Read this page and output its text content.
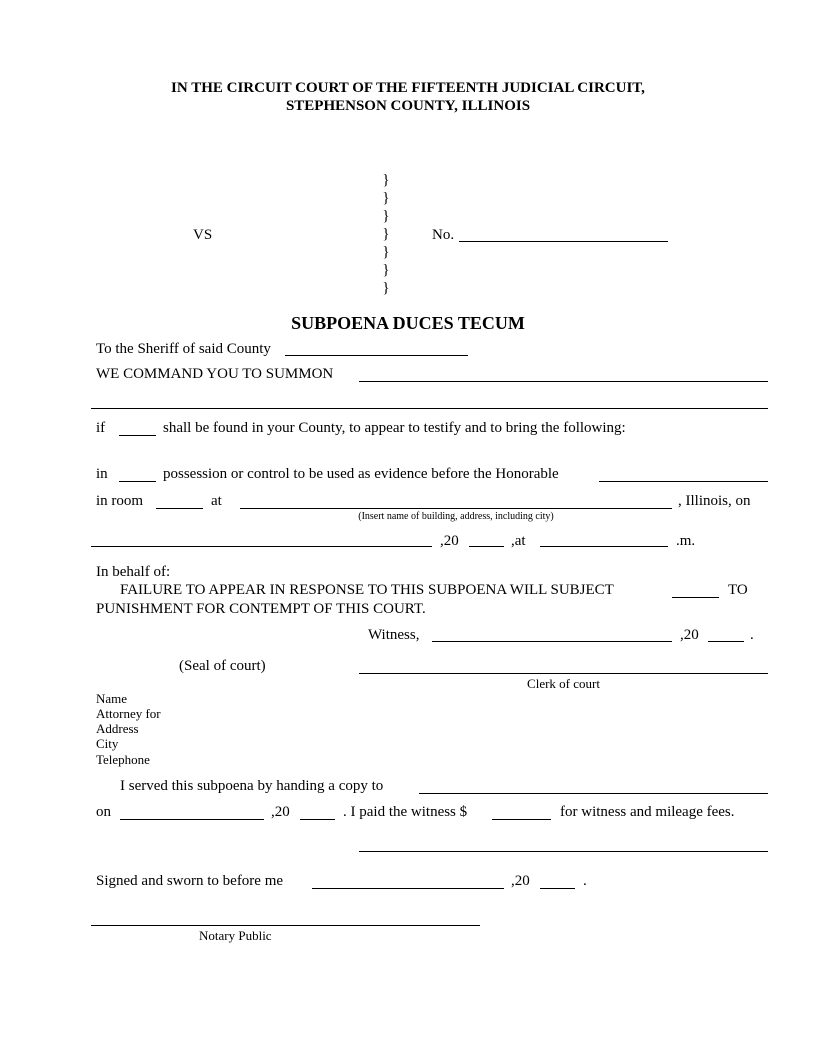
IN THE CIRCUIT COURT OF THE FIFTEENTH JUDICIAL CIRCUIT,
STEPHENSON COUNTY, ILLINOIS
VS
}
}
}
}
}
}
}
No.
SUBPOENA DUCES TECUM
To the Sheriff of said County
WE COMMAND YOU TO SUMMON
if	shall be found in your County, to appear to testify and to bring the following:
in	possession or control to be used as evidence before the Honorable
in room	at	, Illinois, on
(Insert name of building, address, including city)
,20	,at	.m.
In behalf of:
FAILURE TO APPEAR IN RESPONSE TO THIS SUBPOENA WILL SUBJECT	TO
PUNISHMENT FOR CONTEMPT OF THIS COURT.
Witness,	,20	.
(Seal of court)
Clerk of court
Name
Attorney for
Address
City
Telephone
I served this subpoena by handing a copy to
on	,20	. I paid the witness $	for witness and mileage fees.
Signed and sworn to before me	,20	.
Notary Public
